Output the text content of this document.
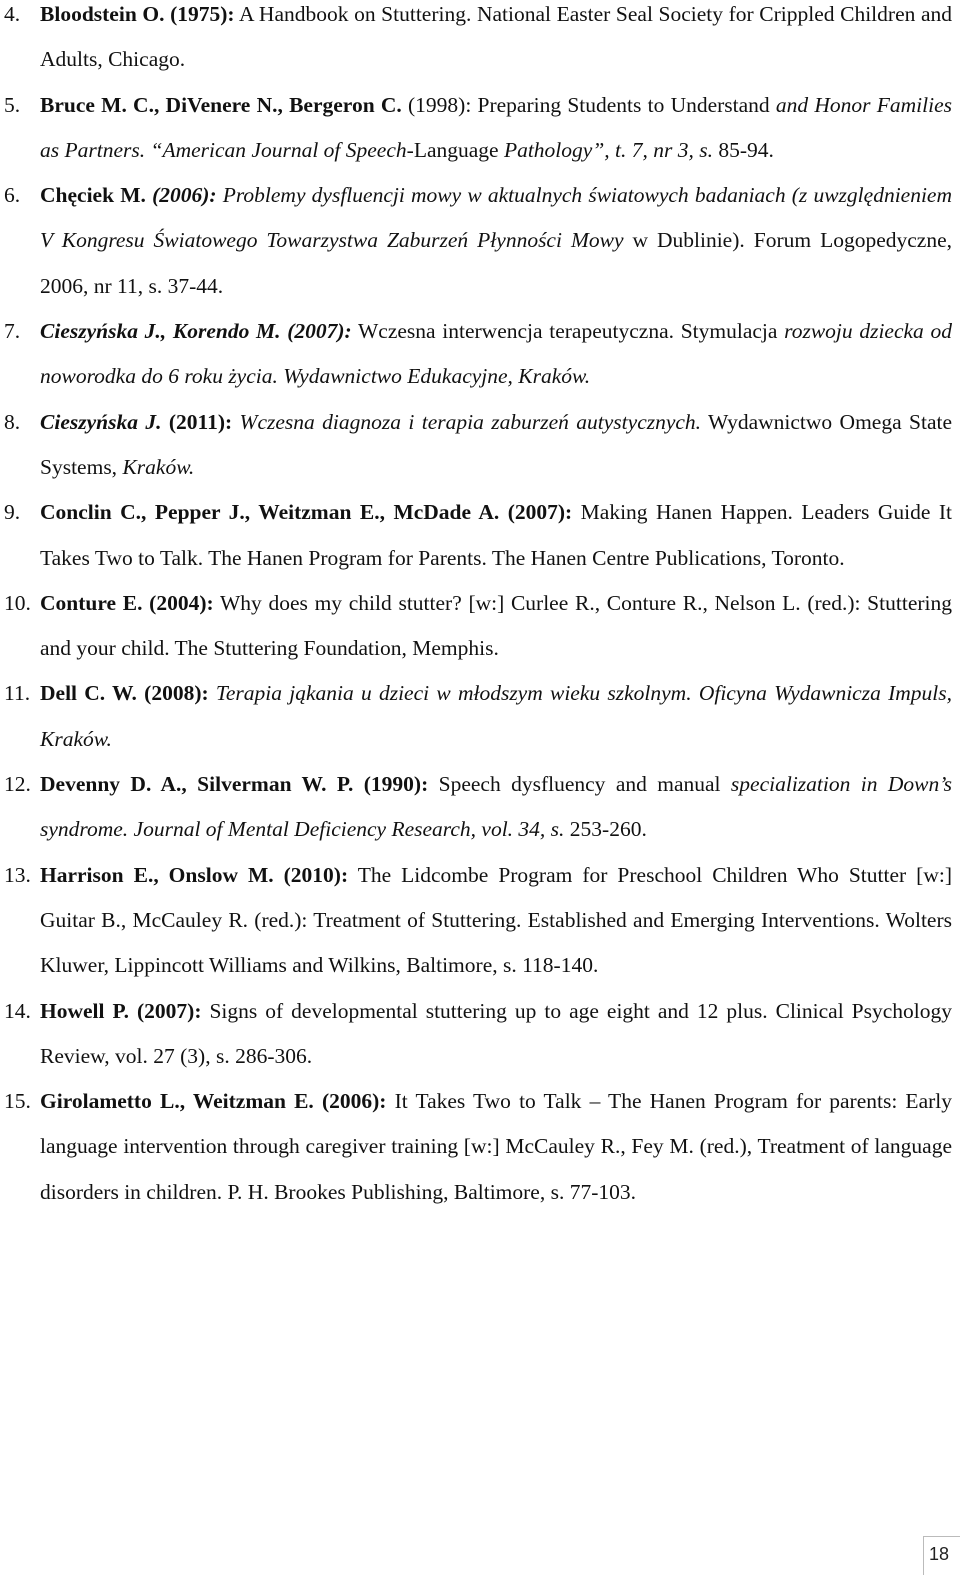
4. Bloodstein O. (1975): A Handbook on Stuttering. National Easter Seal Society for Crippled Children and Adults, Chicago.
5. Bruce M. C., DiVenere N., Bergeron C. (1998): Preparing Students to Understand and Honor Families as Partners. “American Journal of Speech-Language Pathology”, t. 7, nr 3, s. 85-94.
6. Chęciek M. (2006): Problemy dysfluencji mowy w aktualnych światowych badaniach (z uwzględnieniem V Kongresu Światowego Towarzystwa Zaburzeń Płynności Mowy w Dublinie). Forum Logopedyczne, 2006, nr 11, s. 37-44.
7. Cieszyńska J., Korendo M. (2007): Wczesna interwencja terapeutyczna. Stymulacja rozwoju dziecka od noworodka do 6 roku życia. Wydawnictwo Edukacyjne, Kraków.
8. Cieszyńska J. (2011): Wczesna diagnoza i terapia zaburzeń autystycznych. Wydawnictwo Omega State Systems, Kraków.
9. Conclin C., Pepper J., Weitzman E., McDade A. (2007): Making Hanen Happen. Leaders Guide It Takes Two to Talk. The Hanen Program for Parents. The Hanen Centre Publications, Toronto.
10. Conture E. (2004): Why does my child stutter? [w:] Curlee R., Conture R., Nelson L. (red.): Stuttering and your child. The Stuttering Foundation, Memphis.
11. Dell C. W. (2008): Terapia jąkania u dzieci w młodszym wieku szkolnym. Oficyna Wydawnicza Impuls, Kraków.
12. Devenny D. A., Silverman W. P. (1990): Speech dysfluency and manual specialization in Down’s syndrome. Journal of Mental Deficiency Research, vol. 34, s. 253-260.
13. Harrison E., Onslow M. (2010): The Lidcombe Program for Preschool Children Who Stutter [w:] Guitar B., McCauley R. (red.): Treatment of Stuttering. Established and Emerging Interventions. Wolters Kluwer, Lippincott Williams and Wilkins, Baltimore, s. 118-140.
14. Howell P. (2007): Signs of developmental stuttering up to age eight and 12 plus. Clinical Psychology Review, vol. 27 (3), s. 286-306.
15. Girolametto L., Weitzman E. (2006): It Takes Two to Talk – The Hanen Program for parents: Early language intervention through caregiver training [w:] McCauley R., Fey M. (red.), Treatment of language disorders in children. P. H. Brookes Publishing, Baltimore, s. 77-103.
18
